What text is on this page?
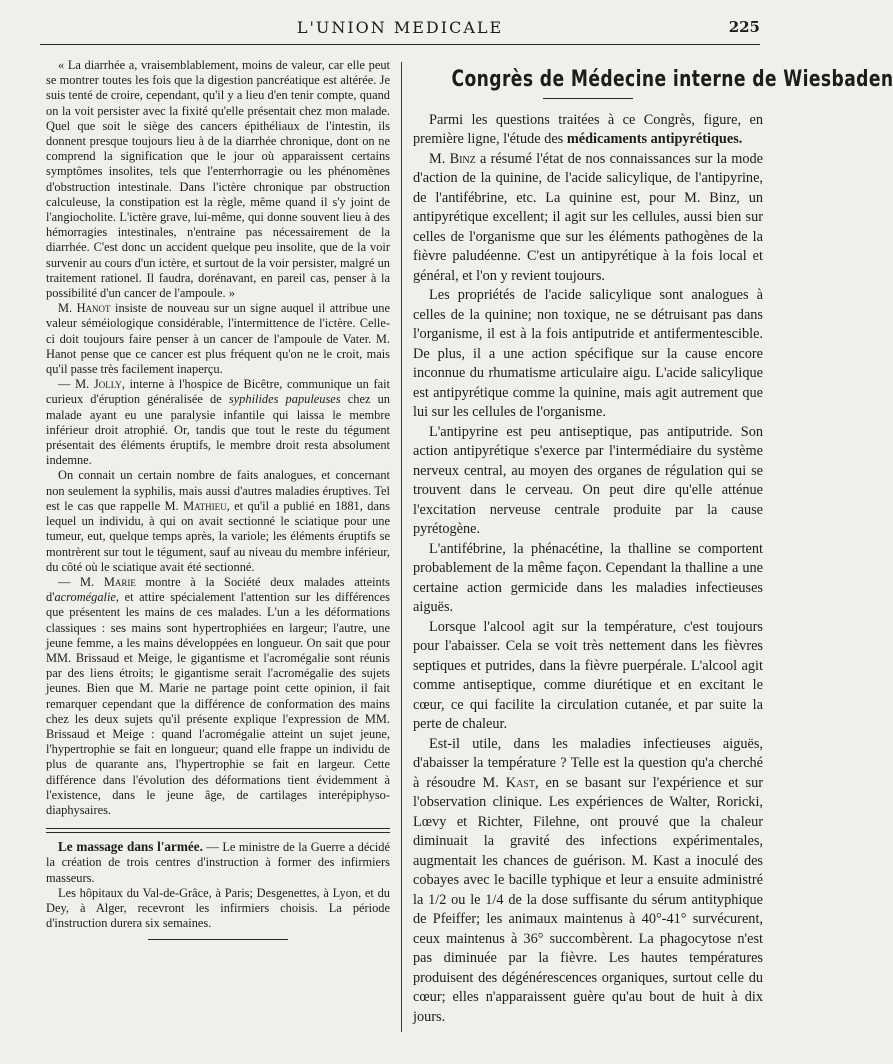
L'UNION MEDICALE	225

« La diarrhée a, vraisemblablement, moins de valeur, car elle peut se montrer toutes les fois que la digestion pancréatique est altérée. Je suis tenté de croire, cependant, qu'il y a lieu d'en tenir compte, quand on la voit persister avec la fixité qu'elle présentait chez mon malade. Quel que soit le siège des cancers épithéliaux de l'intestin, ils donnent presque toujours lieu à de la diarrhée chronique, dont on ne comprend la signification que le jour où apparaissent certains symptômes insolites, tels que l'enterrhorragie ou les phénomènes d'obstruction intestinale. Dans l'ictère chronique par obstruction calculeuse, la constipation est la règle, même quand il s'y joint de l'angiocholite. L'ictère grave, lui-même, qui donne souvent lieu à des hémorragies intestinales, n'entraine pas nécessairement de la diarrhée. C'est donc un accident quelque peu insolite, que de la voir survenir au cours d'un ictère, et surtout de la voir persister, malgré un traitement rationel. Il faudra, dorénavant, en pareil cas, penser à la possibilité d'un cancer de l'ampoule. »

M. Hanot insiste de nouveau sur un signe auquel il attribue une valeur séméiologique considérable, l'intermittence de l'ictère. Celle-ci doit toujours faire penser à un cancer de l'ampoule de Vater. M. Hanot pense que ce cancer est plus fréquent qu'on ne le croit, mais qu'il passe très facilement inaperçu.

— M. Jolly, interne à l'hospice de Bicêtre, communique un fait curieux d'éruption généralisée de syphilides papuleuses chez un malade ayant eu une paralysie infantile qui laissa le membre inférieur droit atrophié. Or, tandis que tout le reste du tégument présentait des éléments éruptifs, le membre droit resta absolument indemne.

On connait un certain nombre de faits analogues, et concernant non seulement la syphilis, mais aussi d'autres maladies éruptives. Tel est le cas que rappelle M. Mathieu, et qu'il a publié en 1881, dans lequel un individu, à qui on avait sectionné le sciatique pour une tumeur, eut, quelque temps après, la variole; les éléments éruptifs se montrèrent sur tout le tégument, sauf au niveau du membre inférieur, du côté où le sciatique avait été sectionné.

— M. Marie montre à la Société deux malades atteints d'acromégalie, et attire spécialement l'attention sur les différences que présentent les mains de ces malades. L'un a les déformations classiques : ses mains sont hypertrophiées en largeur; l'autre, une jeune femme, a les mains développées en longueur. On sait que pour MM. Brissaud et Meige, le gigantisme et l'acromégalie sont réunis par des liens étroits; le gigantisme serait l'acromégalie des sujets jeunes. Bien que M. Marie ne partage point cette opinion, il fait remarquer cependant que la différence de conformation des mains chez les deux sujets qu'il présente explique l'expression de MM. Brissaud et Meige : quand l'acromégalie atteint un sujet jeune, l'hypertrophie se fait en longueur; quand elle frappe un individu de plus de quarante ans, l'hypertrophie se fait en largeur. Cette différence dans l'évolution des déformations tient évidemment à l'existence, dans le jeune âge, de cartilages interépiphyso-diaphysaires.

Le massage dans l'armée. — Le ministre de la Guerre a décidé la création de trois centres d'instruction à former des infirmiers masseurs.

Les hôpitaux du Val-de-Grâce, à Paris; Desgenettes, à Lyon, et du Dey, à Alger, recevront les infirmiers choisis. La période d'instruction durera six semaines.

Congrès de Médecine interne de Wiesbaden

Parmi les questions traitées à ce Congrès, figure, en première ligne, l'étude des médicaments antipyrétiques.

M. Binz a résumé l'état de nos connaissances sur la mode d'action de la quinine, de l'acide salicylique, de l'antipyrine, de l'antifébrine, etc. La quinine est, pour M. Binz, un antipyrétique excellent; il agit sur les cellules, aussi bien sur celles de l'organisme que sur les éléments pathogènes de la fièvre paludéenne. C'est un antipyrétique à la fois local et général, et l'on y revient toujours.

Les propriétés de l'acide salicylique sont analogues à celles de la quinine; non toxique, ne se détruisant pas dans l'organisme, il est à la fois antiputride et antifermentescible. De plus, il a une action spécifique sur la cause encore inconnue du rhumatisme articulaire aigu. L'acide salicylique est antipyrétique comme la quinine, mais agit autrement que lui sur les cellules de l'organisme.

L'antipyrine est peu antiseptique, pas antiputride. Son action antipyrétique s'exerce par l'intermédiaire du système nerveux central, au moyen des organes de régulation qui se trouvent dans le cerveau. On peut dire qu'elle atténue l'excitation nerveuse centrale produite par la cause pyrétogène.

L'antifébrine, la phénacétine, la thalline se comportent probablement de la même façon. Cependant la thalline a une certaine action germicide dans les maladies infectieuses aiguës.

Lorsque l'alcool agit sur la température, c'est toujours pour l'abaisser. Cela se voit très nettement dans les fièvres septiques et putrides, dans la fièvre puerpérale. L'alcool agit comme antiseptique, comme diurétique et en excitant le cœur, ce qui facilite la circulation cutanée, et par suite la perte de chaleur.

Est-il utile, dans les maladies infectieuses aiguës, d'abaisser la température ? Telle est la question qu'a cherché à résoudre M. Kast, en se basant sur l'expérience et sur l'observation clinique. Les expériences de Walter, Roricki, Lœvy et Richter, Filehne, ont prouvé que la chaleur diminuait la gravité des infections expérimentales, augmentait les chances de guérison. M. Kast a inoculé des cobayes avec le bacille typhique et leur a ensuite administré la 1/2 ou le 1/4 de la dose suffisante du sérum antityphique de Pfeiffer; les animaux maintenus à 40°-41° survécurent, ceux maintenus à 36° succombèrent. La phagocytose n'est pas diminuée par la fièvre. Les hautes températures produisent des dégénérescences organiques, surtout celle du cœur; elles n'apparaissent guère qu'au bout de huit à dix jours.
